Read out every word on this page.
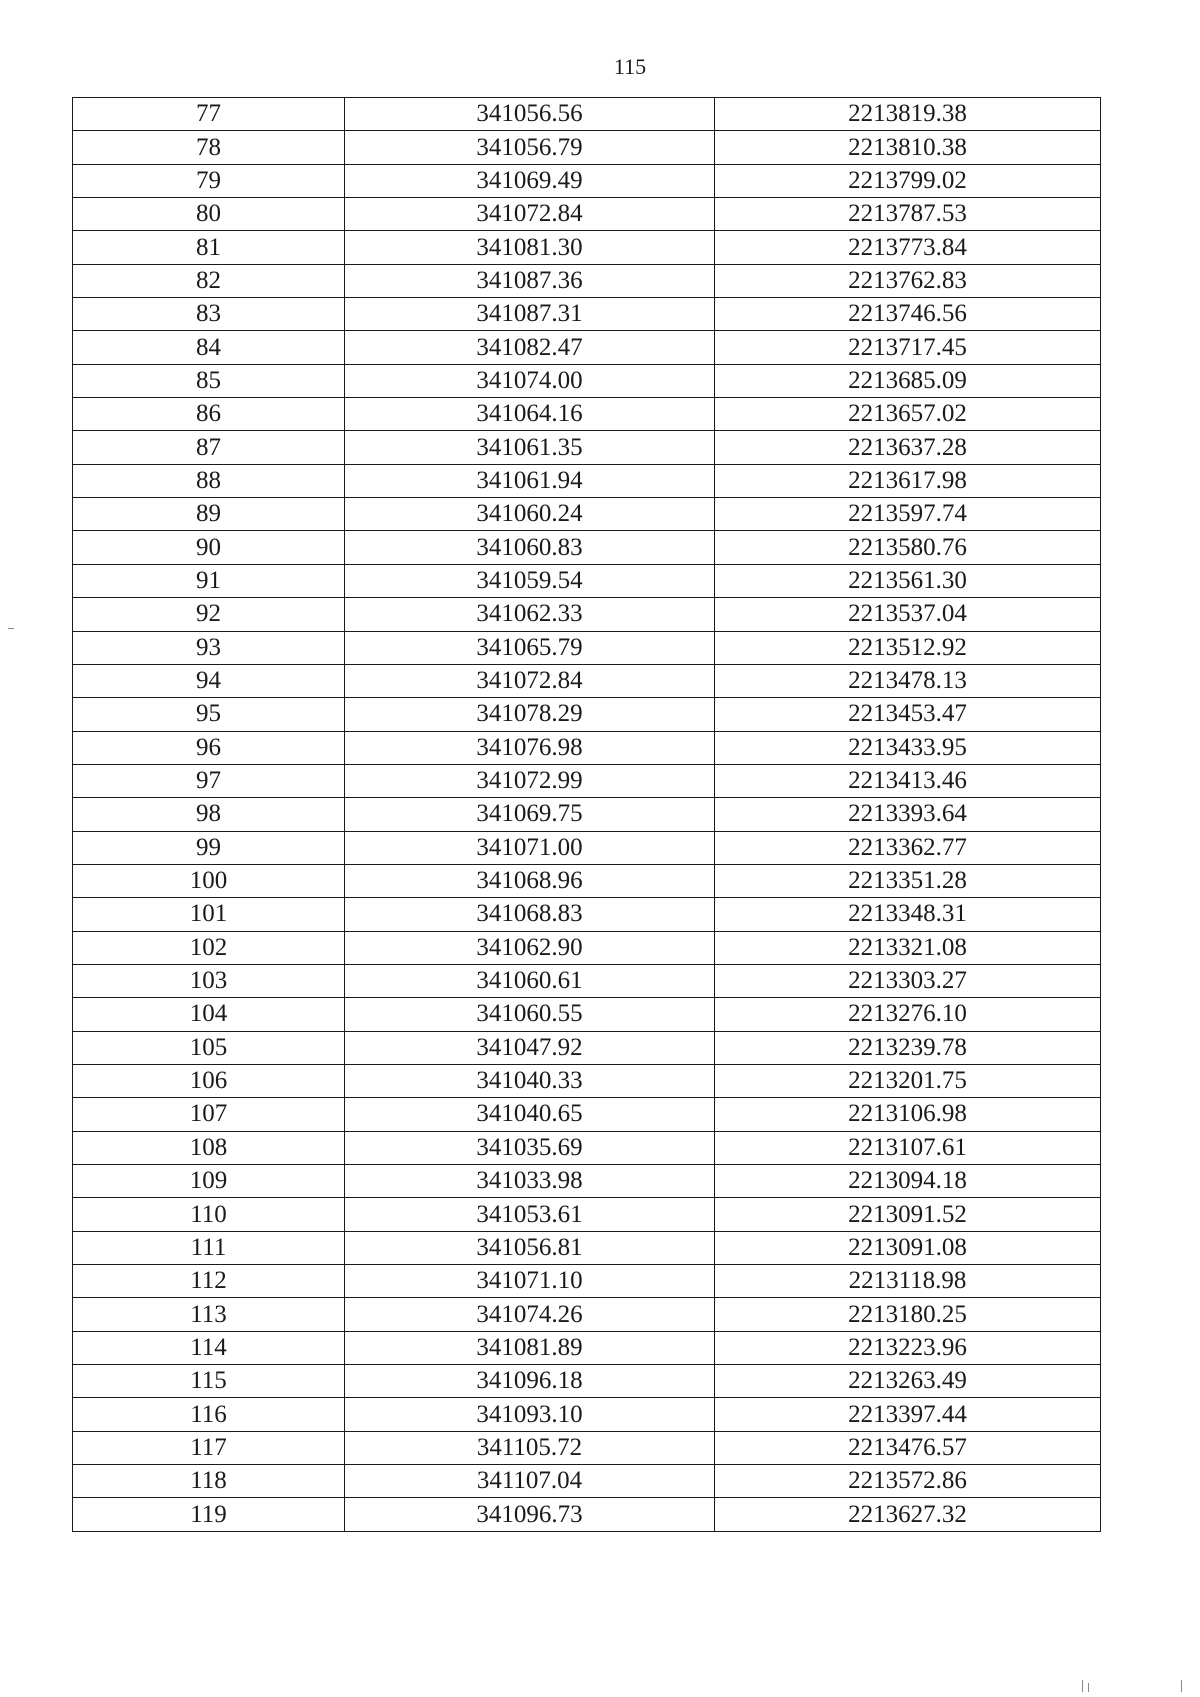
115
77	341056.56	2213819.38
78	341056.79	2213810.38
79	341069.49	2213799.02
80	341072.84	2213787.53
81	341081.30	2213773.84
82	341087.36	2213762.83
83	341087.31	2213746.56
84	341082.47	2213717.45
85	341074.00	2213685.09
86	341064.16	2213657.02
87	341061.35	2213637.28
88	341061.94	2213617.98
89	341060.24	2213597.74
90	341060.83	2213580.76
91	341059.54	2213561.30
92	341062.33	2213537.04
93	341065.79	2213512.92
94	341072.84	2213478.13
95	341078.29	2213453.47
96	341076.98	2213433.95
97	341072.99	2213413.46
98	341069.75	2213393.64
99	341071.00	2213362.77
100	341068.96	2213351.28
101	341068.83	2213348.31
102	341062.90	2213321.08
103	341060.61	2213303.27
104	341060.55	2213276.10
105	341047.92	2213239.78
106	341040.33	2213201.75
107	341040.65	2213106.98
108	341035.69	2213107.61
109	341033.98	2213094.18
110	341053.61	2213091.52
111	341056.81	2213091.08
112	341071.10	2213118.98
113	341074.26	2213180.25
114	341081.89	2213223.96
115	341096.18	2213263.49
116	341093.10	2213397.44
117	341105.72	2213476.57
118	341107.04	2213572.86
119	341096.73	2213627.32
